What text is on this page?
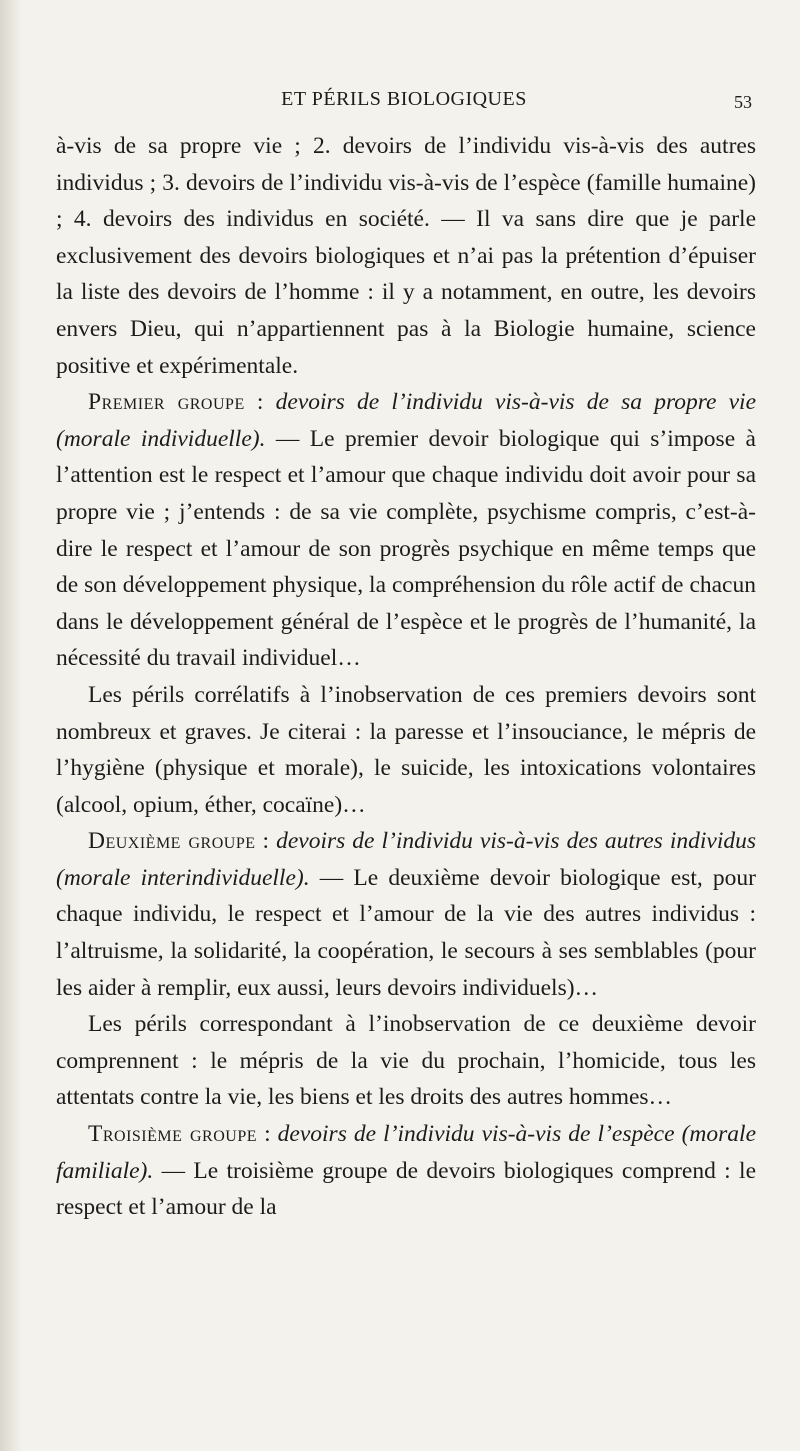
ET PÉRILS BIOLOGIQUES	53

à-vis de sa propre vie ; 2. devoirs de l’individu vis-à-vis des autres individus ; 3. devoirs de l’individu vis-à-vis de l’espèce (famille humaine) ; 4. devoirs des individus en société. — Il va sans dire que je parle exclusivement des devoirs biologiques et n’ai pas la prétention d’épuiser la liste des devoirs de l’homme : il y a notamment, en outre, les devoirs envers Dieu, qui n’appartiennent pas à la Biologie humaine, science positive et expérimentale.

Premier groupe : devoirs de l’individu vis-à-vis de sa propre vie (morale individuelle). — Le premier devoir biologique qui s’impose à l’attention est le respect et l’amour que chaque individu doit avoir pour sa propre vie ; j’entends : de sa vie complète, psychisme compris, c’est-à-dire le respect et l’amour de son progrès psychique en même temps que de son développement physique, la compréhension du rôle actif de chacun dans le développement général de l’espèce et le progrès de l’humanité, la nécessité du travail individuel…

Les périls corrélatifs à l’inobservation de ces premiers devoirs sont nombreux et graves. Je citerai : la paresse et l’insouciance, le mépris de l’hygiène (physique et morale), le suicide, les intoxications volontaires (alcool, opium, éther, cocaïne)…

Deuxième groupe : devoirs de l’individu vis-à-vis des autres individus (morale interindividuelle). — Le deuxième devoir biologique est, pour chaque individu, le respect et l’amour de la vie des autres individus : l’altruisme, la solidarité, la coopération, le secours à ses semblables (pour les aider à remplir, eux aussi, leurs devoirs individuels)…

Les périls correspondant à l’inobservation de ce deuxième devoir comprennent : le mépris de la vie du prochain, l’homicide, tous les attentats contre la vie, les biens et les droits des autres hommes…

Troisième groupe : devoirs de l’individu vis-à-vis de l’espèce (morale familiale). — Le troisième groupe de devoirs biologiques comprend : le respect et l’amour de la
